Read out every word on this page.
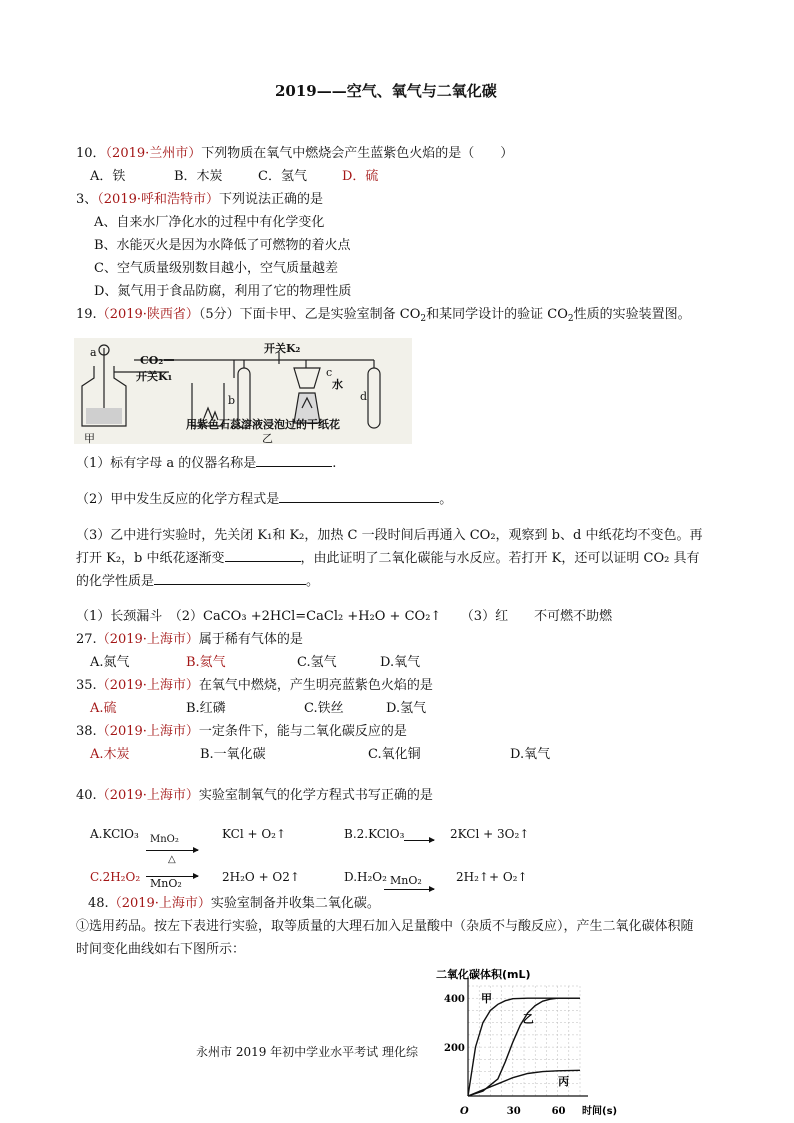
2019——空气、氧气与二氧化碳
10．（2019·兰州市）下列物质在氧气中燃烧会产生蓝紫色火焰的是（　　）
A．铁	B．木炭	C．氢气	D．硫
3、（2019·呼和浩特市）下列说法正确的是
A、自来水厂净化水的过程中有化学变化
B、水能灭火是因为水降低了可燃物的着火点
C、空气质量级别数目越小，空气质量越差
D、氮气用于食品防腐，利用了它的物理性质
19.（2019·陕西省）（5分）下面卡甲、乙是实验室制备 $CO_2$和某同学设计的验证 $CO_2$性质的实验装置图。
a
CO₂
开关K₁
开关K₂
c
水
b	d
用紫色石蕊溶液浸泡过的干纸花
甲	乙
（1）标有字母 a 的仪器名称是	.
（2）甲中发生反应的化学方程式是	。
（3）乙中进行实验时，先关闭 K₁和 K₂，加热 C 一段时间后再通入 CO₂，观察到 b、d 中纸花均不变色。再
打开 K₂，b 中纸花逐渐变	，由此证明了二氧化碳能与水反应。若打开 K，还可以证明 CO₂ 具有
的化学性质是	。
（1）长颈漏斗　（2）CaCO₃ +2HCl=CaCl₂ +H₂O + CO₂↑　　（3）红　　不可燃不助燃
27.（2019·上海市）属于稀有气体的是
A.氮气	B.氦气	C.氢气	D.氧气
35.（2019·上海市）在氧气中燃烧，产生明亮蓝紫色火焰的是
A.硫	B.红磷	C.铁丝	D.氢气
38.（2019·上海市）一定条件下，能与二氧化碳反应的是
A.木炭	B.一氧化碳	C.氧化铜	D.氧气
40.（2019·上海市）实验室制氧气的化学方程式书写正确的是
A.KClO₃ MnO₂
△
KCl + O₂↑	B.2.KClO₃ → 2KCl + 3O₂↑
C.2H₂O₂ →
MnO₂	2H₂O + O2↑	D.H₂O₂ MnO₂	2H₂↑+ O₂↑
48.（2019·上海市）实验室制备并收集二氧化碳。
①选用药品。按左下表进行实验，取等质量的大理石加入足量酸中（杂质不与酸反应），产生二氧化碳体积随
时间变化曲线如右下图所示：
永州市 2019 年初中学业水平考试 理化综
二氧化碳体积(mL)
时间(s)
O	30	60
400
200
甲
乙
丙
